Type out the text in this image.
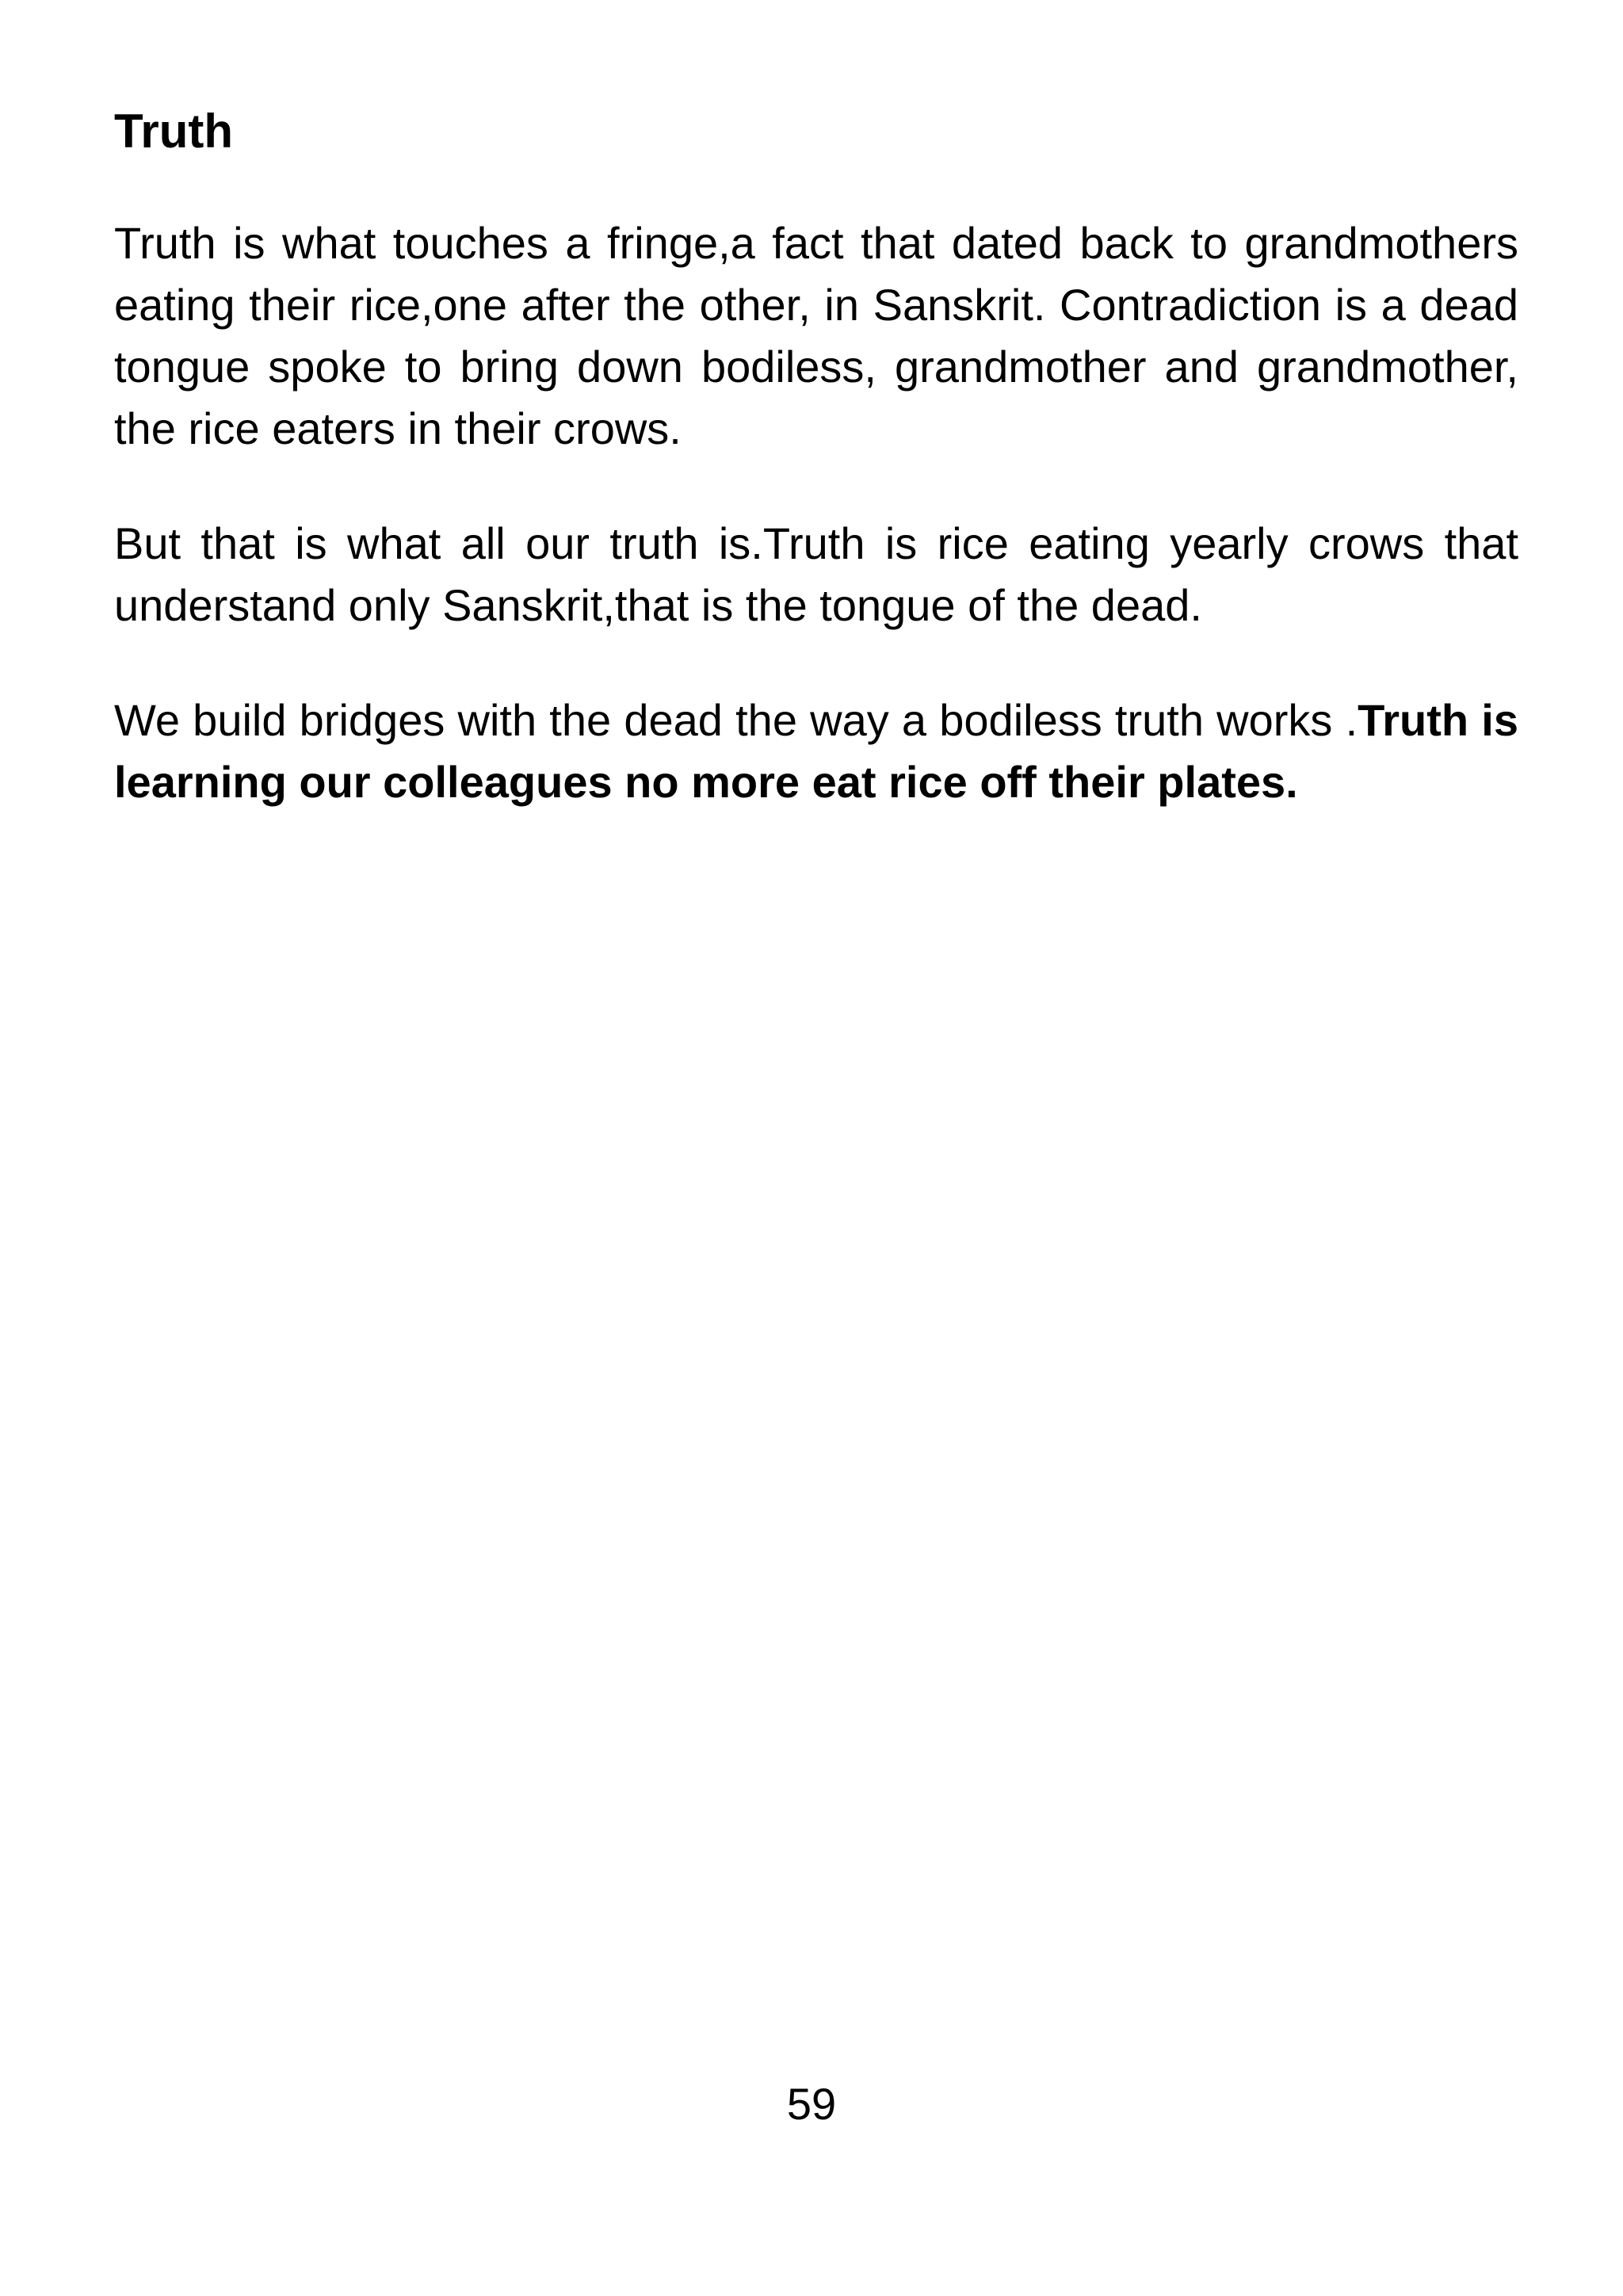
Truth

Truth is what touches a fringe,a fact that dated back to grandmothers eating their rice,one after the other, in Sanskrit. Contradiction is a dead tongue spoke to bring down bodiless, grandmother and grandmother, the rice eaters in their crows.

But that is what all our truth is.Truth is rice eating yearly crows that understand only Sanskrit,that is the tongue of the dead.

We build bridges with the dead the way a bodiless truth works .Truth is learning our colleagues no more eat rice off their plates.

59
